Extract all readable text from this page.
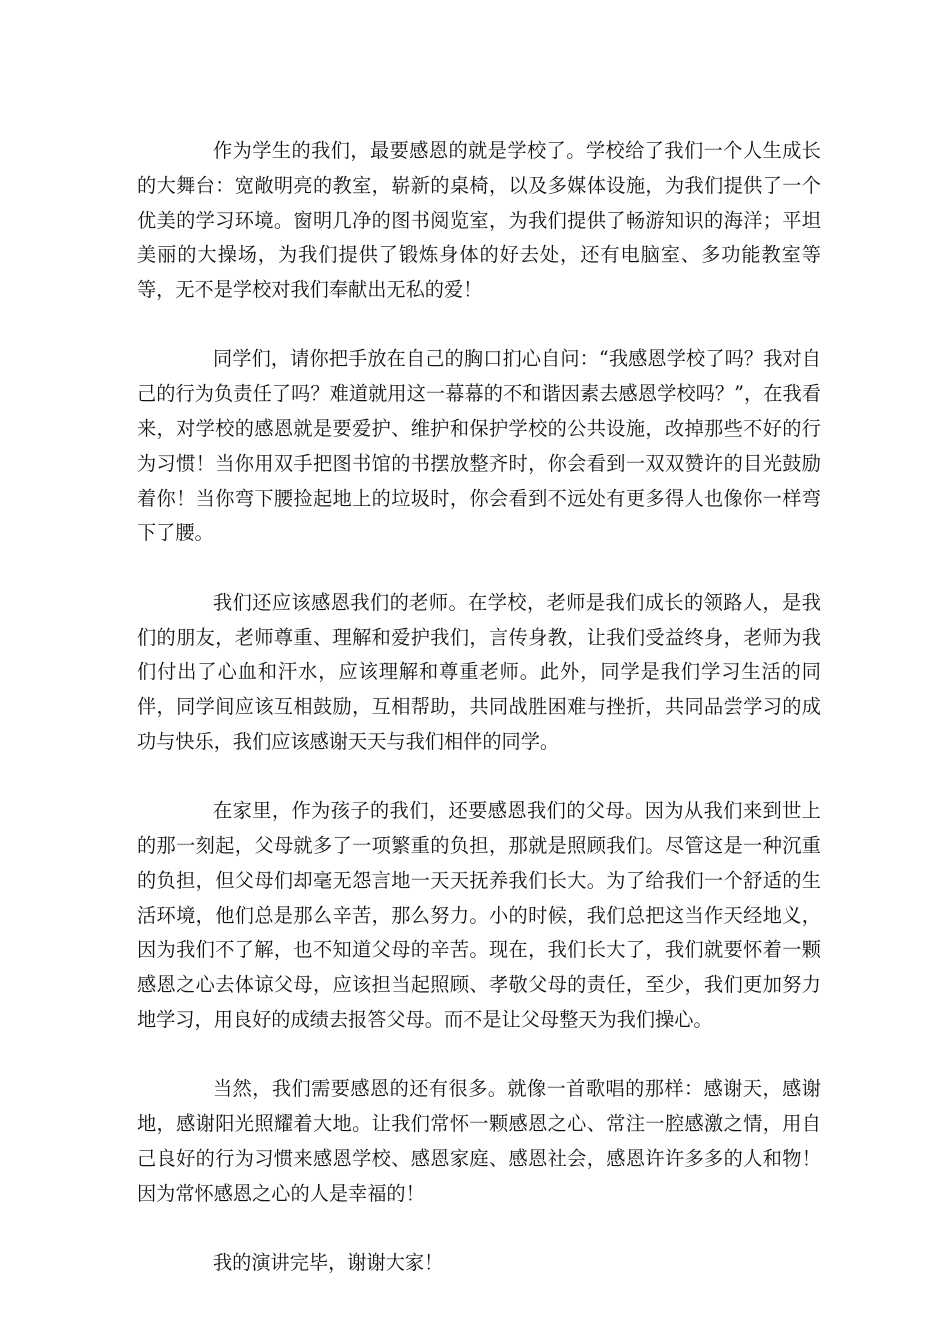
作为学生的我们，最要感恩的就是学校了。学校给了我们一个人生成长的大舞台：宽敞明亮的教室，崭新的桌椅，以及多媒体设施，为我们提供了一个优美的学习环境。窗明几净的图书阅览室，为我们提供了畅游知识的海洋；平坦美丽的大操场，为我们提供了锻炼身体的好去处，还有电脑室、多功能教室等等，无不是学校对我们奉献出无私的爱！

同学们，请你把手放在自己的胸口扪心自问：“我感恩学校了吗？我对自己的行为负责任了吗？难道就用这一幕幕的不和谐因素去感恩学校吗？”，在我看来，对学校的感恩就是要爱护、维护和保护学校的公共设施，改掉那些不好的行为习惯！当你用双手把图书馆的书摆放整齐时，你会看到一双双赞许的目光鼓励着你！当你弯下腰捡起地上的垃圾时，你会看到不远处有更多得人也像你一样弯下了腰。

我们还应该感恩我们的老师。在学校，老师是我们成长的领路人，是我们的朋友，老师尊重、理解和爱护我们，言传身教，让我们受益终身，老师为我们付出了心血和汗水，应该理解和尊重老师。此外，同学是我们学习生活的同伴，同学间应该互相鼓励，互相帮助，共同战胜困难与挫折，共同品尝学习的成功与快乐，我们应该感谢天天与我们相伴的同学。

在家里，作为孩子的我们，还要感恩我们的父母。因为从我们来到世上的那一刻起，父母就多了一项繁重的负担，那就是照顾我们。尽管这是一种沉重的负担，但父母们却毫无怨言地一天天抚养我们长大。为了给我们一个舒适的生活环境，他们总是那么辛苦，那么努力。小的时候，我们总把这当作天经地义，因为我们不了解，也不知道父母的辛苦。现在，我们长大了，我们就要怀着一颗感恩之心去体谅父母，应该担当起照顾、孝敬父母的责任，至少，我们更加努力地学习，用良好的成绩去报答父母。而不是让父母整天为我们操心。

当然，我们需要感恩的还有很多。就像一首歌唱的那样：感谢天，感谢地，感谢阳光照耀着大地。让我们常怀一颗感恩之心、常注一腔感激之情，用自己良好的行为习惯来感恩学校、感恩家庭、感恩社会，感恩许许多多的人和物！因为常怀感恩之心的人是幸福的！

我的演讲完毕，谢谢大家！
